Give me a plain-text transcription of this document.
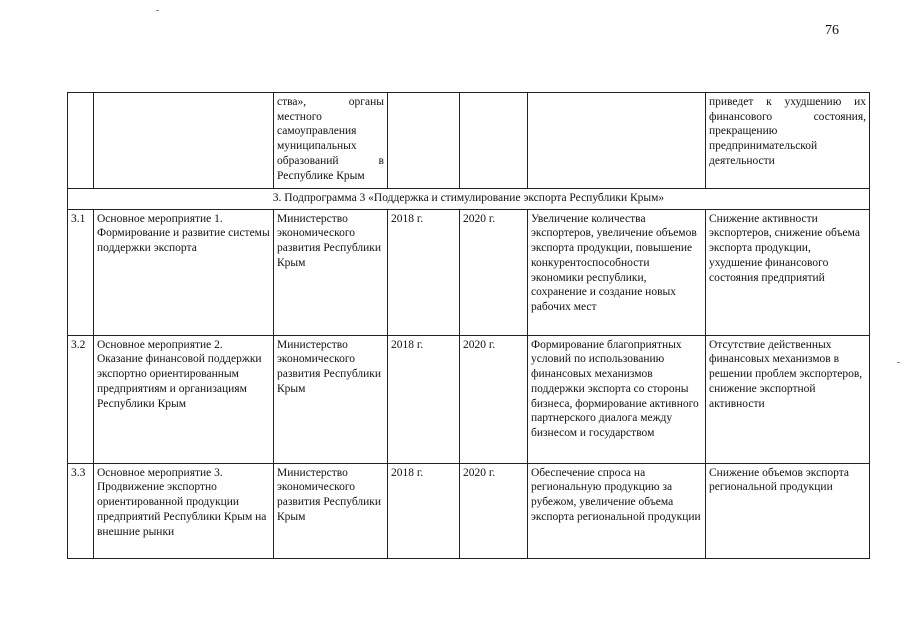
76
		ства», органы местного самоуправления муниципальных образований в Республике Крым				приведет к ухудшению их финансового состояния, прекращению предпринимательской деятельности
3. Подпрограмма 3 «Поддержка и стимулирование экспорта Республики Крым»						
3.1	Основное мероприятие 1. Формирование и развитие системы поддержки экспорта	Министерство экономического развития Республики Крым	2018 г.	2020 г.	Увеличение количества экспортеров, увеличение объемов экспорта продукции, повышение конкурентоспособности экономики республики, сохранение и создание новых рабочих мест	Снижение активности экспортеров, снижение объема экспорта продукции, ухудшение финансового состояния предприятий
3.2	Основное мероприятие 2. Оказание финансовой поддержки экспортно ориентированным предприятиям и организациям Республики Крым	Министерство экономического развития Республики Крым	2018 г.	2020 г.	Формирование благоприятных условий по использованию финансовых механизмов поддержки экспорта со стороны бизнеса, формирование активного партнерского диалога между бизнесом и государством	Отсутствие действенных финансовых механизмов в решении проблем экспортеров, снижение экспортной активности
3.3	Основное мероприятие 3. Продвижение экспортно ориентированной продукции предприятий Республики Крым на внешние рынки	Министерство экономического развития Республики Крым	2018 г.	2020 г.	Обеспечение спроса на региональную продукцию за рубежом, увеличение объема экспорта региональной продукции	Снижение объемов экспорта региональной продукции
